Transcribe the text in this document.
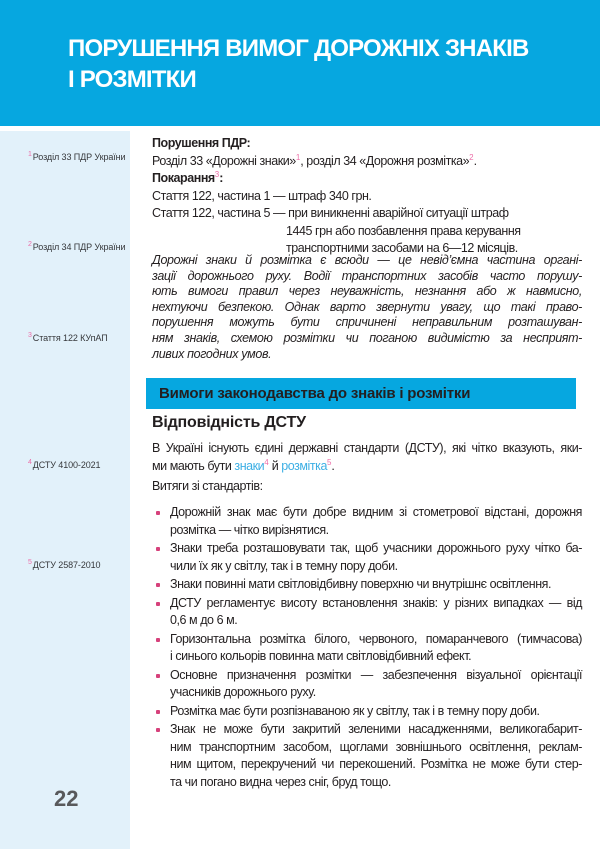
ПОРУШЕННЯ ВИМОГ ДОРОЖНІХ ЗНАКІВ
І РОЗМІТКИ
$^1$Розділ 33 ПДР України
$^2$Розділ 34 ПДР України
$^3$Стаття 122 КУпАП
$^4$ДСТУ 4100-2021
$^5$ДСТУ 2587-2010
22
Порушення ПДР:
Розділ 33 «Дорожні знаки»$^1$, розділ 34 «Дорожня розмітка»$^2$.
Покарання$^3$:
Стаття 122, частина 1 — штраф 340 грн.
Стаття 122, частина 5 — при виникненні аварійної ситуації штраф
1445 грн або позбавлення права керування
транспортними засобами на 6—12 місяців.
Дорожні знаки й розмітка є всюди — це невід’ємна частина органі-
зації дорожнього руху. Водії транспортних засобів часто порушу-
ють вимоги правил через неуважність, незнання або ж навмисно,
нехтуючи безпекою. Однак варто звернути увагу, що такі право-
порушення можуть бути спричинені неправильним розташуван-
ням знаків, схемою розмітки чи поганою видимістю за несприят-
ливих погодних умов.
Вимоги законодавства до знаків і розмітки
Відповідність ДСТУ
В Україні існують єдині державні стандарти (ДСТУ), які чітко вказують, яки-
ми мають бути знаки$^4$ й розмітка$^5$.
Витяги зі стандартів:
Дорожній знак має бути добре видним зі стометрової відстані, дорожня
розмітка — чітко вирізнятися.
Знаки треба розташовувати так, щоб учасники дорожнього руху чітко ба-
чили їх як у світлу, так і в темну пору доби.
Знаки повинні мати світловідбивну поверхню чи внутрішнє освітлення.
ДСТУ регламентує висоту встановлення знаків: у різних випадках — від
0,6 м до 6 м.
Горизонтальна розмітка білого, червоного, помаранчевого (тимчасова)
і синього кольорів повинна мати світловідбивний ефект.
Основне призначення розмітки — забезпечення візуальної орієнтації
учасників дорожнього руху.
Розмітка має бути розпізнаваною як у світлу, так і в темну пору доби.
Знак не може бути закритий зеленими насадженнями, великогабарит-
ним транспортним засобом, щоглами зовнішнього освітлення, реклам-
ним щитом, перекручений чи перекошений. Розмітка не може бути стер-
та чи погано видна через сніг, бруд тощо.
